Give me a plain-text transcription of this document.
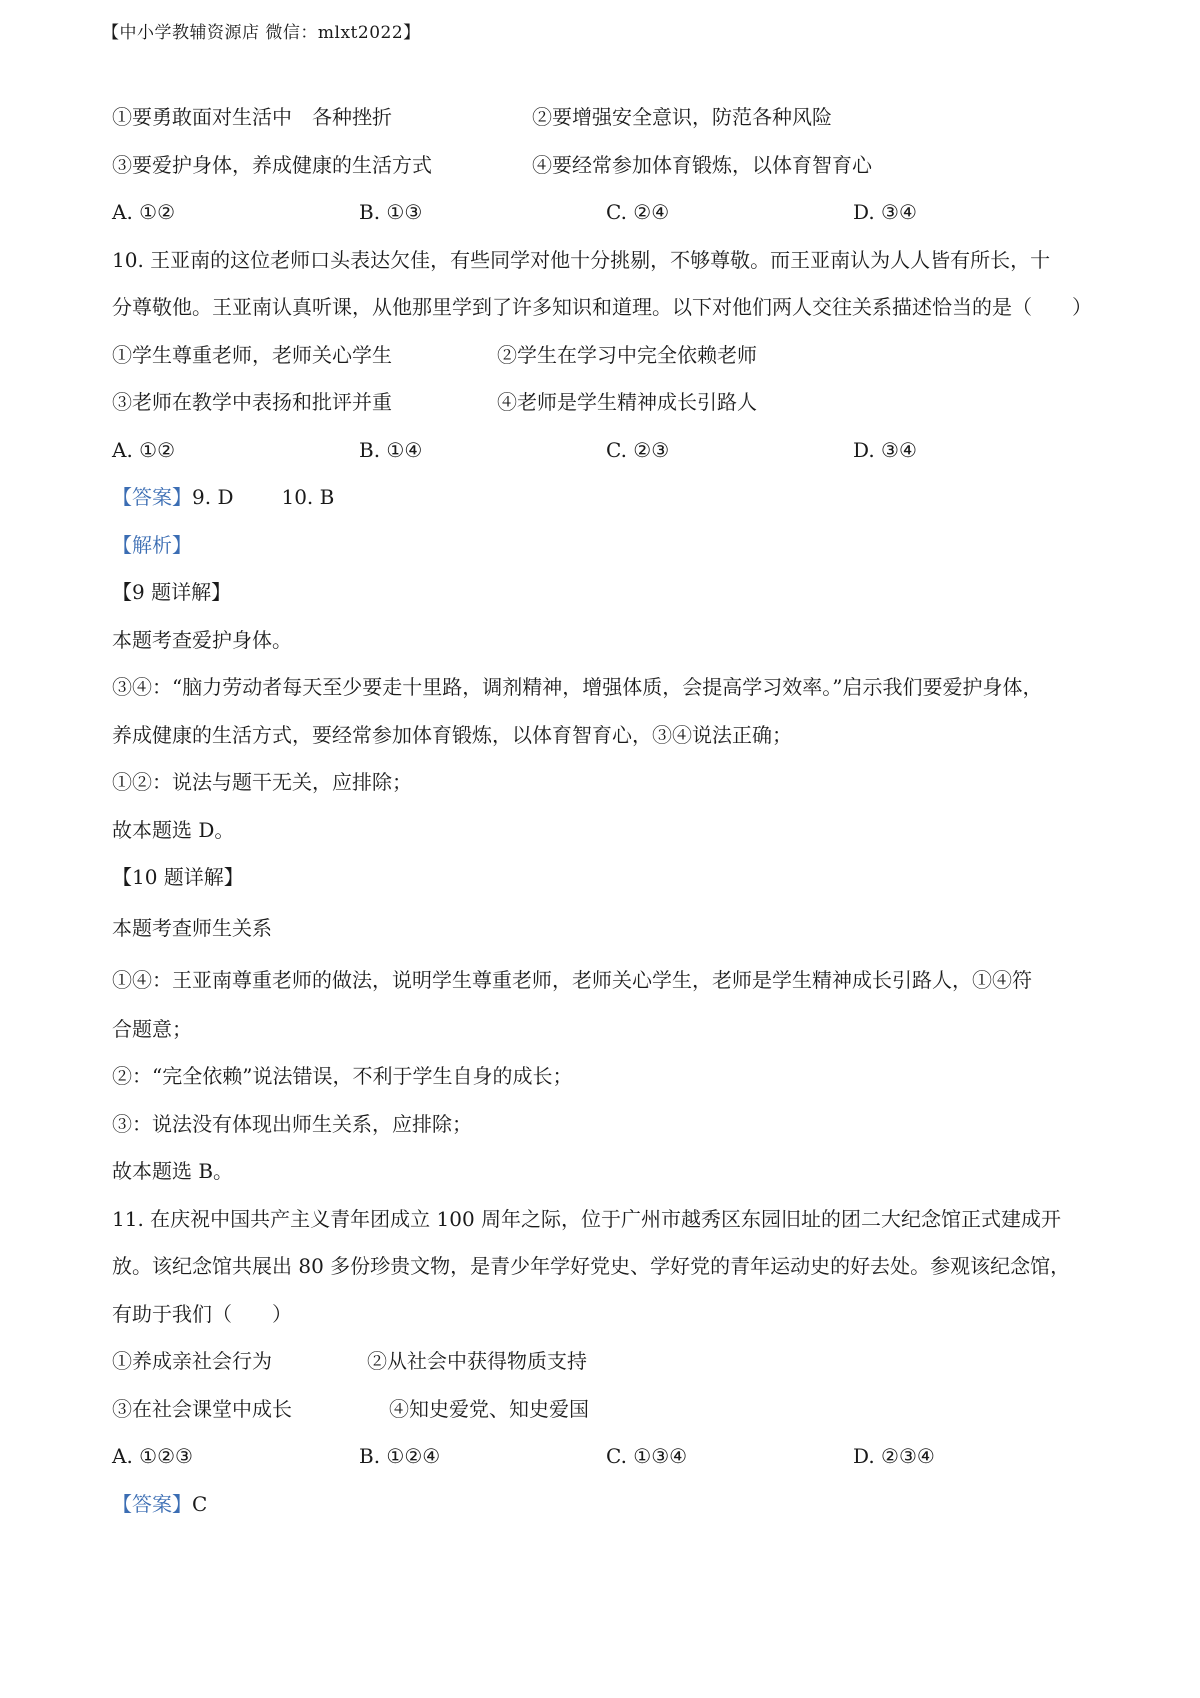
【中小学教辅资源店 微信：mlxt2022】
①要勇敢面对生活中　各种挫折	②要增强安全意识，防范各种风险
③要爱护身体，养成健康的生活方式	④要经常参加体育锻炼，以体育智育心
A. ①②	B. ①③	C. ②④	D. ③④
10. 王亚南的这位老师口头表达欠佳，有些同学对他十分挑剔，不够尊敬。而王亚南认为人人皆有所长，十
分尊敬他。王亚南认真听课，从他那里学到了许多知识和道理。以下对他们两人交往关系描述恰当的是（　　）
①学生尊重老师，老师关心学生	②学生在学习中完全依赖老师
③老师在教学中表扬和批评并重	④老师是学生精神成长引路人
A. ①②	B. ①④	C. ②③	D. ③④
【答案】9. D 10. B
【解析】
【9 题详解】
本题考查爱护身体。
③④：“脑力劳动者每天至少要走十里路，调剂精神，增强体质，会提高学习效率。”启示我们要爱护身体，
养成健康的生活方式，要经常参加体育锻炼，以体育智育心，③④说法正确；
①②：说法与题干无关，应排除；
故本题选 D。
【10 题详解】
本题考查师生关系
①④：王亚南尊重老师的做法，说明学生尊重老师，老师关心学生，老师是学生精神成长引路人，①④符
合题意；
②：“完全依赖”说法错误，不利于学生自身的成长；
③：说法没有体现出师生关系，应排除；
故本题选 B。
11. 在庆祝中国共产主义青年团成立 100 周年之际，位于广州市越秀区东园旧址的团二大纪念馆正式建成开
放。该纪念馆共展出 80 多份珍贵文物，是青少年学好党史、学好党的青年运动史的好去处。参观该纪念馆，
有助于我们（　　）
①养成亲社会行为	②从社会中获得物质支持
③在社会课堂中成长	④知史爱党、知史爱国
A. ①②③	B. ①②④	C. ①③④	D. ②③④
【答案】C
